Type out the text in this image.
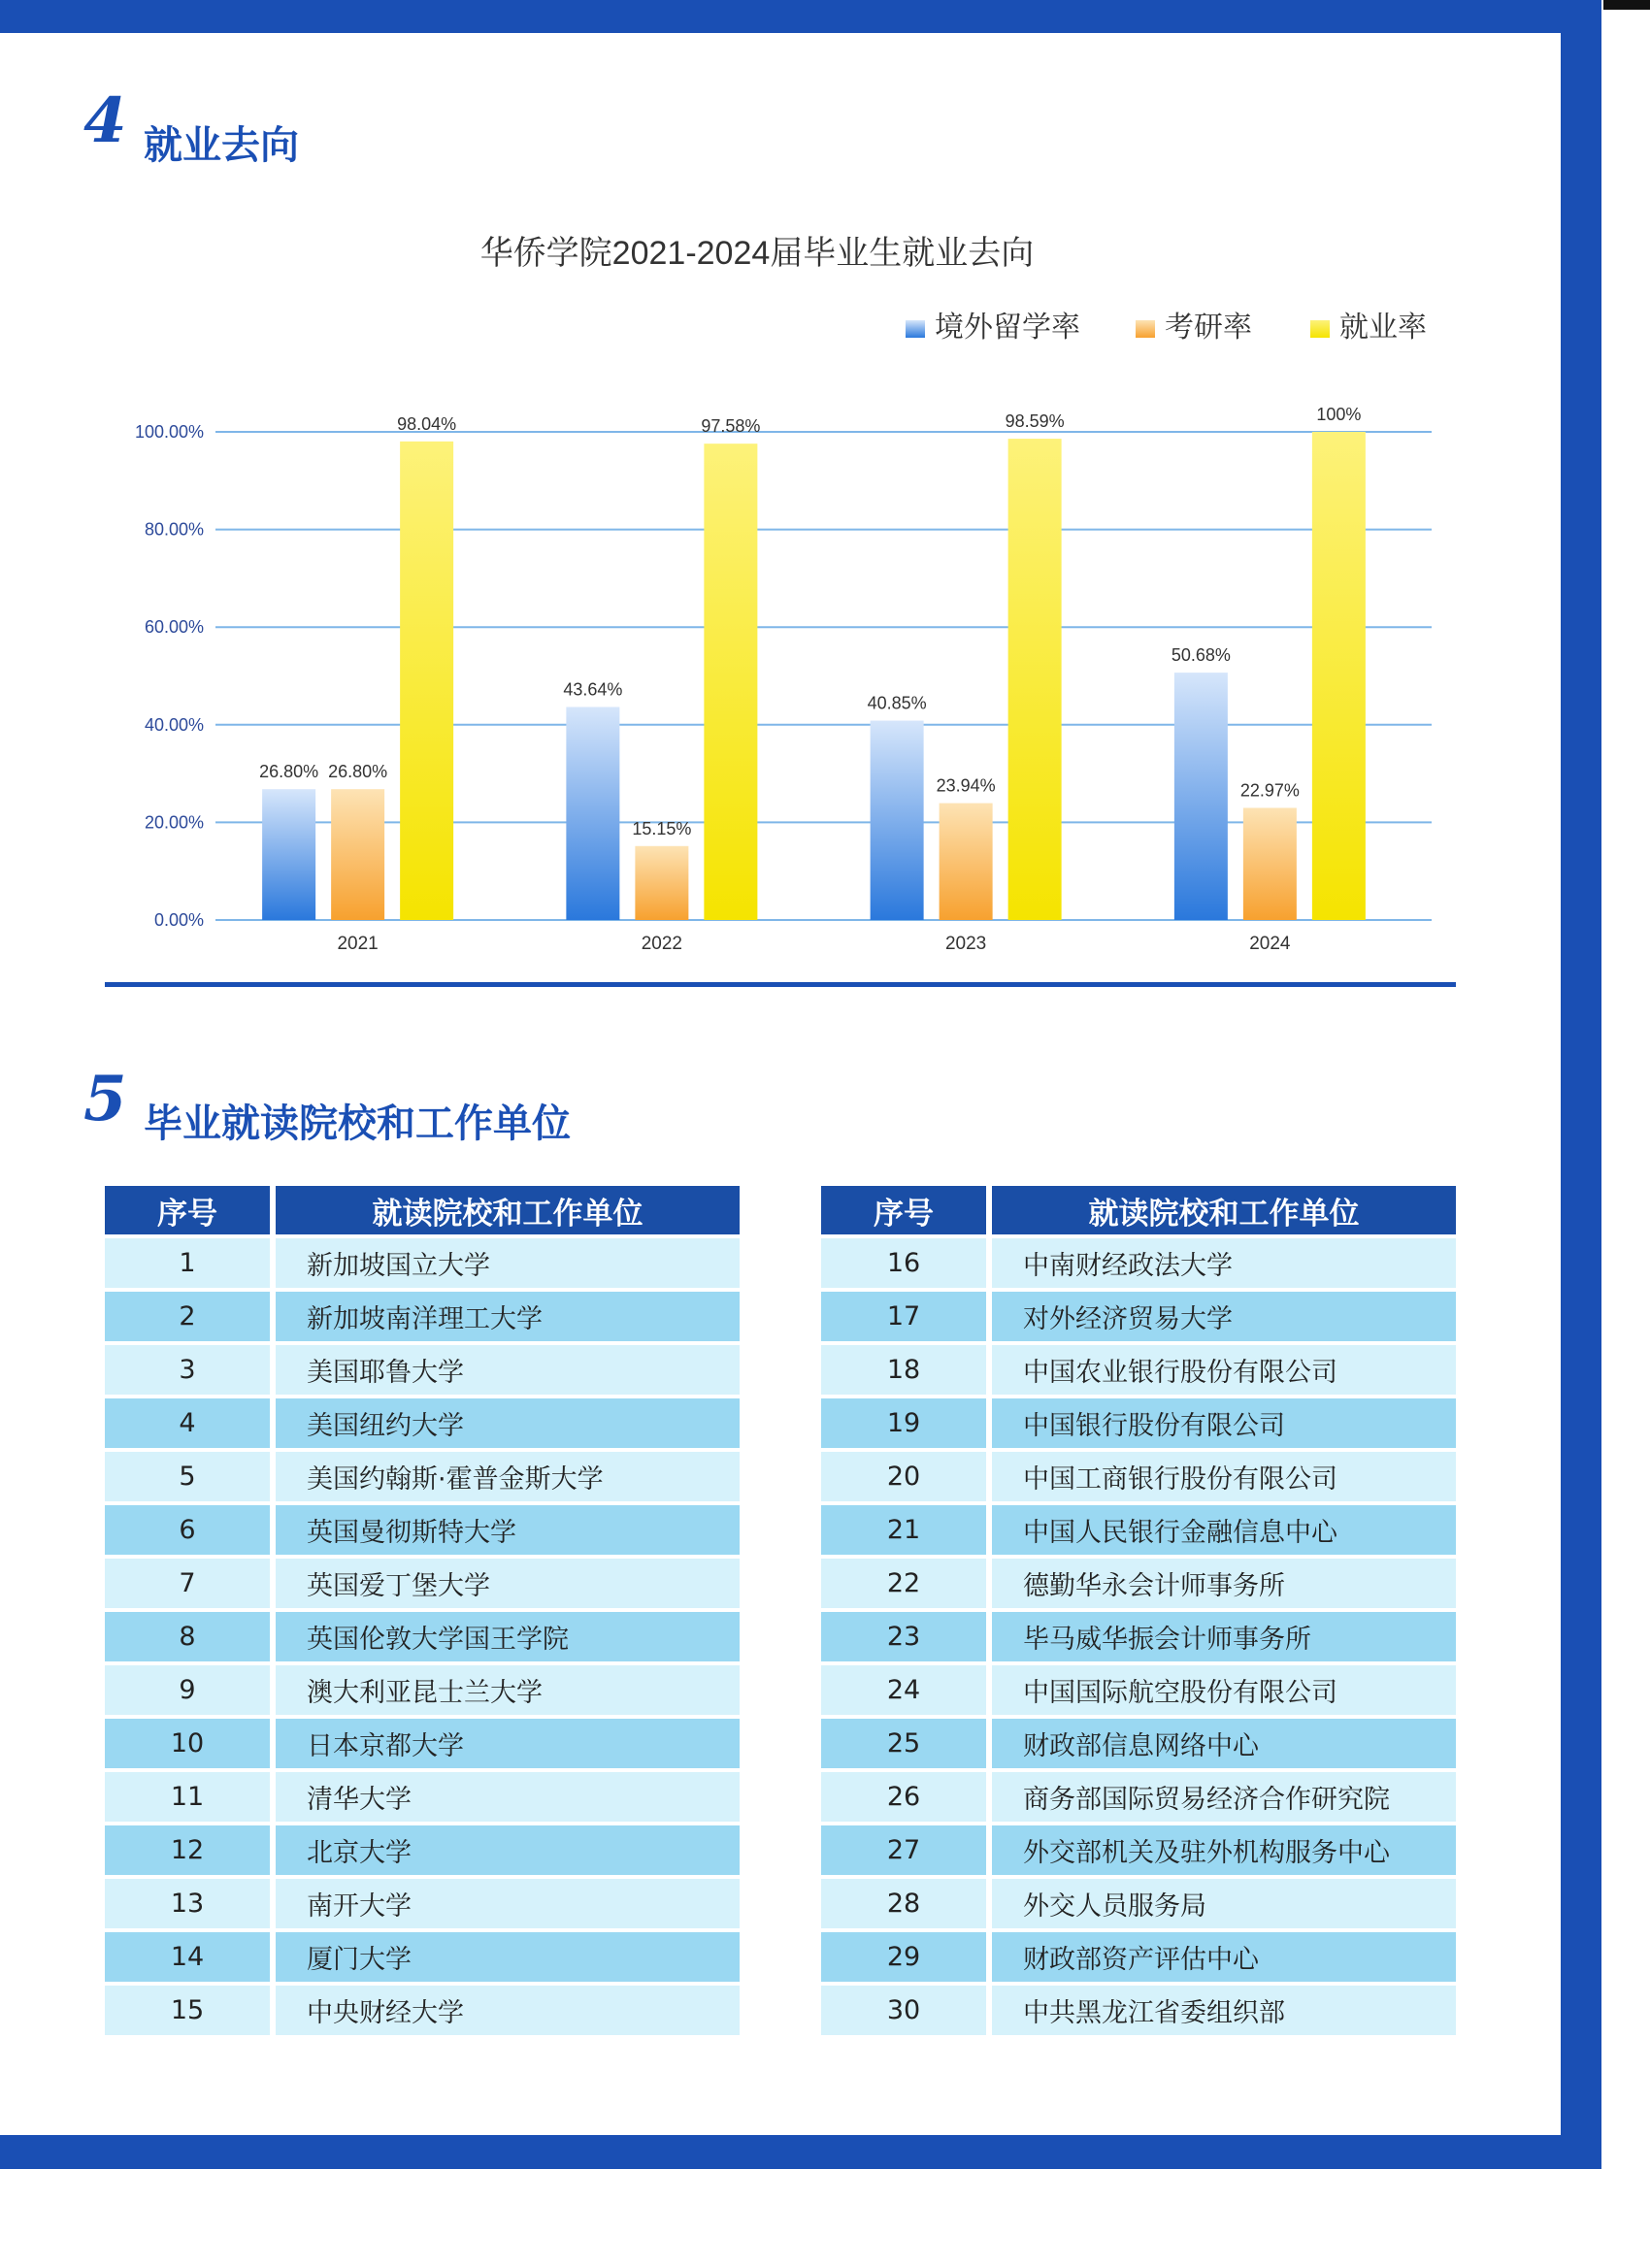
4 就业去向
华侨学院2021-2024届毕业生就业去向
境外留学率	考研率	就业率
0.00%
20.00%
40.00%
60.00%
80.00%
100.00%
26.80% 26.80%
98.04%
43.64%
15.15%
97.58%
40.85%
23.94%
98.59%
50.68%
22.97%
100%
2021	2022	2023	2024
5 毕业就读院校和工作单位
序号	就读院校和工作单位
1	新加坡国立大学
2	新加坡南洋理工大学
3	美国耶鲁大学
4	美国纽约大学
5	美国约翰斯·霍普金斯大学
6	英国曼彻斯特大学
7	英国爱丁堡大学
8	英国伦敦大学国王学院
9	澳大利亚昆士兰大学
10	日本京都大学
11	清华大学
12	北京大学
13	南开大学
14	厦门大学
15	中央财经大学
序号	就读院校和工作单位
16	中南财经政法大学
17	对外经济贸易大学
18	中国农业银行股份有限公司
19	中国银行股份有限公司
20	中国工商银行股份有限公司
21	中国人民银行金融信息中心
22	德勤华永会计师事务所
23	毕马威华振会计师事务所
24	中国国际航空股份有限公司
25	财政部信息网络中心
26	商务部国际贸易经济合作研究院
27	外交部机关及驻外机构服务中心
28	外交人员服务局
29	财政部资产评估中心
30	中共黑龙江省委组织部
